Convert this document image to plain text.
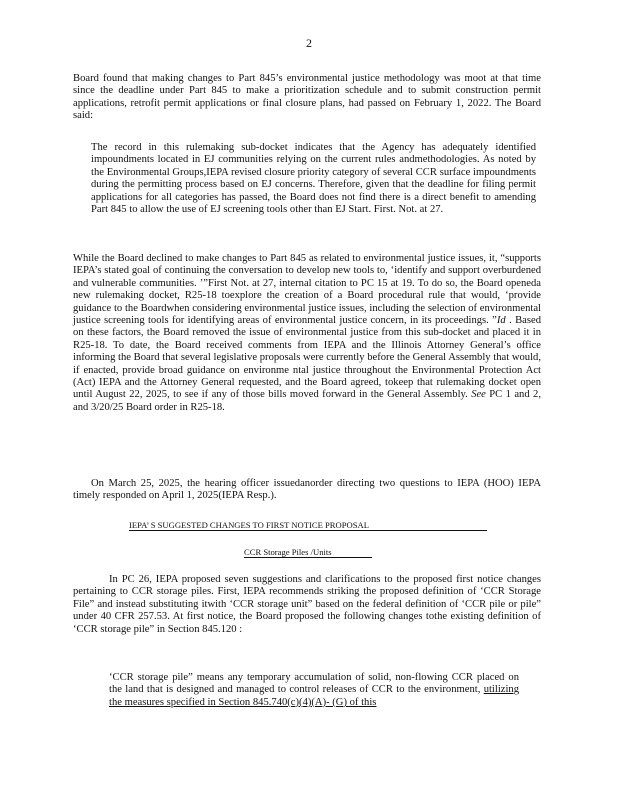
2

Board found that making changes to Part 845’s environmental justice methodology was moot at that time since the deadline under Part 845 to make a prioritization schedule and to submit construction permit applications, retrofit permit applications or final closure plans, had passed on February 1, 2022. The Board said:

The record in this rulemaking sub-docket indicates that the Agency has adequately identified impoundments located in EJ communities relying on the current rules andmethodologies. As noted by the Environmental Groups,IEPA revised closure priority category of several CCR surface impoundments during the permitting process based on EJ concerns. Therefore, given that the deadline for filing permit applications for all categories has passed, the Board does not find there is a direct benefit to amending Part 845 to allow the use of EJ screening tools other than EJ Start. First. Not. at 27.

While the Board declined to make changes to Part 845 as related to environmental justice issues, it, “supports IEPA’s stated goal of continuing the conversation to develop new tools to, ‘identify and support overburdened and vulnerable communities. ’”First Not. at 27, internal citation to PC 15 at 19. To do so, the Board openeda new rulemaking docket, R25-18 toexplore the creation of a Board procedural rule that would, ‘provide guidance to the Boardwhen considering environmental justice issues, including the selection of environmental justice screening tools for identifying areas of environmental justice concern, in its proceedings. ”Id . Based on these factors, the Board removed the issue of environmental justice from this sub-docket and placed it in R25-18. To date, the Board received comments from IEPA and the Illinois Attorney General’s office informing the Board that several legislative proposals were currently before the General Assembly that would, if enacted, provide broad guidance on environme ntal justice throughout the Environmental Protection Act (Act) IEPA and the Attorney General requested, and the Board agreed, tokeep that rulemaking docket open until August 22, 2025, to see if any of those bills moved forward in the General Assembly. See PC 1 and 2, and 3/20/25 Board order in R25-18.

On March 25, 2025, the hearing officer issuedanorder directing two questions to IEPA (HOO) IEPA timely responded on April 1, 2025(IEPA Resp.).

IEPA’ S SUGGESTED CHANGES TO FIRST NOTICE PROPOSAL
CCR Storage Piles /Units

In PC 26, IEPA proposed seven suggestions and clarifications to the proposed first notice changes pertaining to CCR storage piles. First, IEPA recommends striking the proposed definition of ‘CCR Storage File” and instead substituting itwith ‘CCR storage unit” based on the federal definition of ‘CCR pile or pile” under 40 CFR 257.53. At first notice, the Board proposed the following changes tothe existing definition of ‘CCR storage pile” in Section 845.120 :

‘CCR storage pile” means any temporary accumulation of solid, non-flowing CCR placed on the land that is designed and managed to control releases of CCR to the environment, utilizing the measures specified in Section 845.740(c)(4)(A)- (G) of this
